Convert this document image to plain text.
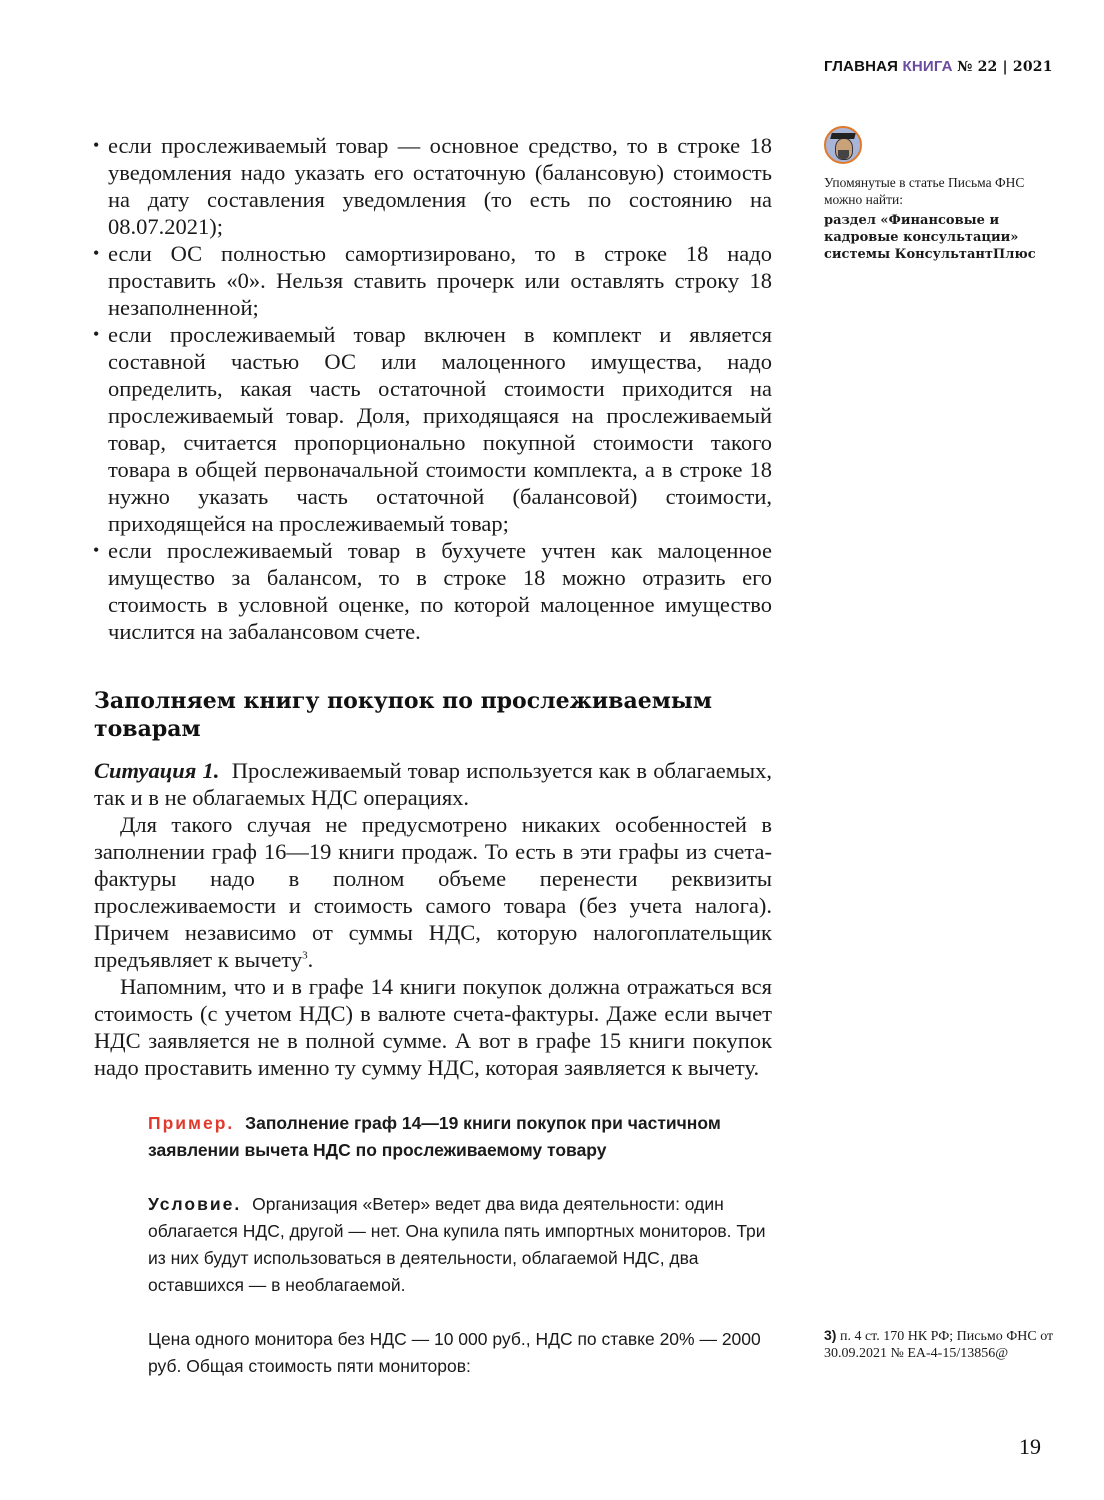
ГЛАВНАЯ КНИГА № 22 | 2021
• если прослеживаемый товар — основное средство, то в строке 18 уведомления надо указать его остаточную (балансовую) стоимость на дату составления уведомления (то есть по состоянию на 08.07.2021);
• если ОС полностью самортизировано, то в строке 18 надо проставить «0». Нельзя ставить прочерк или оставлять строку 18 незаполненной;
• если прослеживаемый товар включен в комплект и является составной частью ОС или малоценного имущества, надо определить, какая часть остаточной стоимости приходится на прослеживаемый товар. Доля, приходящаяся на прослеживаемый товар, считается пропорционально покупной стоимости такого товара в общей первоначальной стоимости комплекта, а в строке 18 нужно указать часть остаточной (балансовой) стоимости, приходящейся на прослеживаемый товар;
• если прослеживаемый товар в бухучете учтен как малоценное имущество за балансом, то в строке 18 можно отразить его стоимость в условной оценке, по которой малоценное имущество числится на забалансовом счете.
Заполняем книгу покупок по прослеживаемым товарам

Ситуация 1. Прослеживаемый товар используется как в облагаемых, так и в не облагаемых НДС операциях.

Для такого случая не предусмотрено никаких особенностей в заполнении граф 16—19 книги продаж. То есть в эти графы из счета-фактуры надо в полном объеме перенести реквизиты прослеживаемости и стоимость самого товара (без учета налога). Причем независимо от суммы НДС, которую налогоплательщик предъявляет к вычету$^3$.

Напомним, что и в графе 14 книги покупок должна отражаться вся стоимость (с учетом НДС) в валюте счета-фактуры. Даже если вычет НДС заявляется не в полной сумме. А вот в графе 15 книги покупок надо проставить именно ту сумму НДС, которая заявляется к вычету.

Пример. Заполнение граф 14—19 книги покупок при частичном заявлении вычета НДС по прослеживаемому товару
Условие. Организация «Ветер» ведет два вида деятельности: один облагается НДС, другой — нет. Она купила пять импортных мониторов. Три из них будут использоваться в деятельности, облагаемой НДС, два оставшихся — в необлагаемой.
Цена одного монитора без НДС — 10 000 руб., НДС по ставке 20% — 2000 руб. Общая стоимость пяти мониторов:
Упомянутые в статье Письма ФНС можно найти:
раздел «Финансовые и кадровые консультации» системы КонсультантПлюс
3) п. 4 ст. 170 НК РФ; Письмо ФНС от 30.09.2021 № ЕА-4-15/13856@
19
